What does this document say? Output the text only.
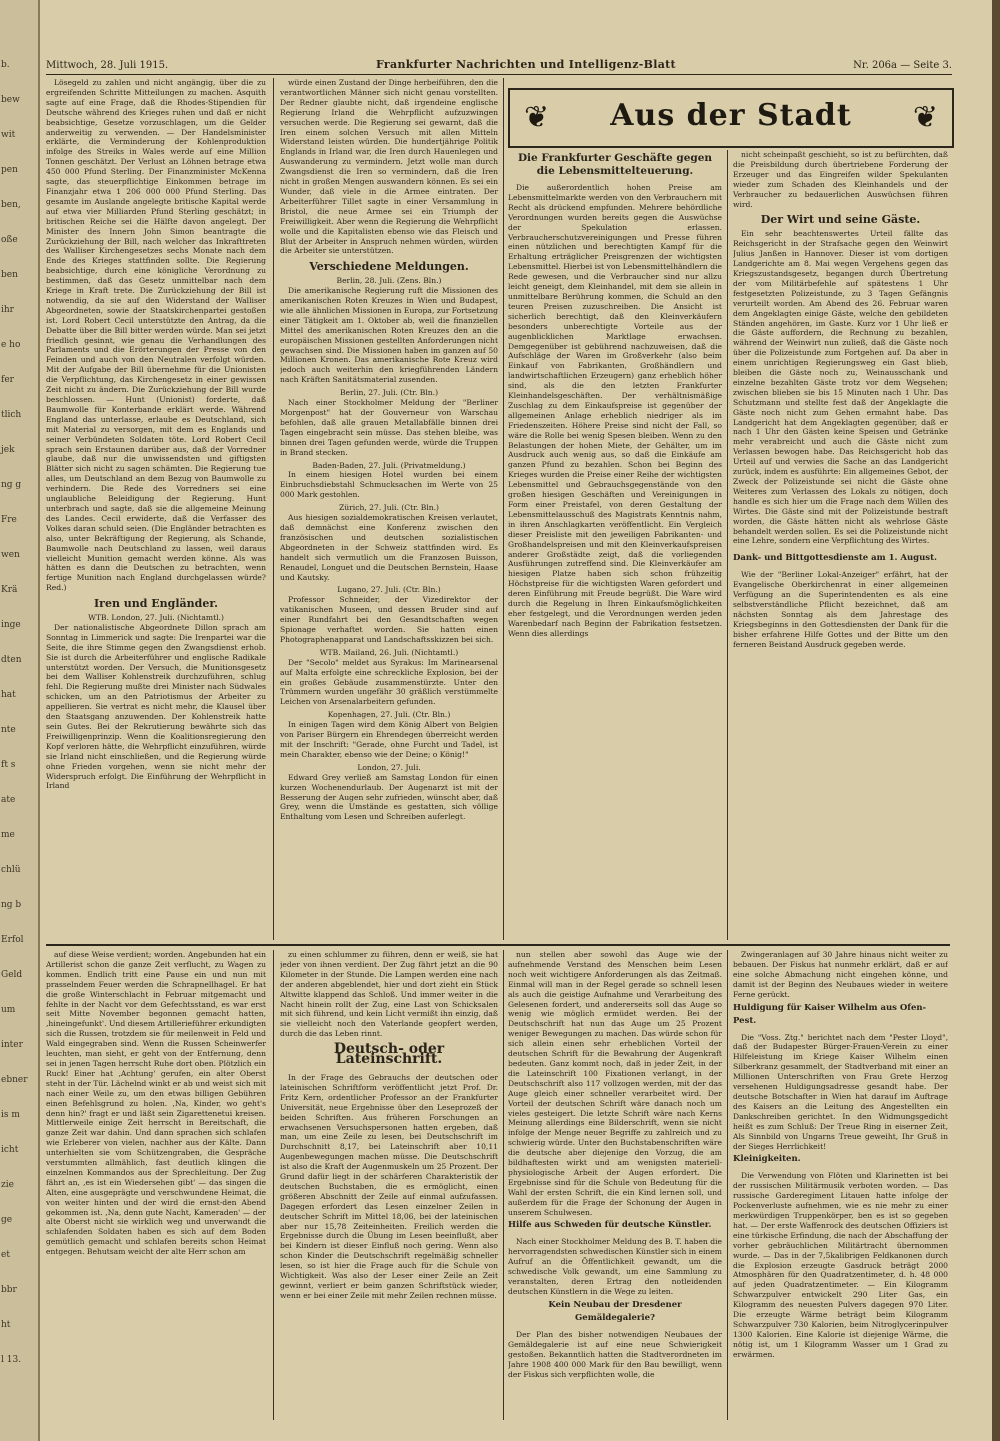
b.
bew
wit
pen
ben,
oße
ben
ihr
e ho
fer
tlich
jek
ng g
Fre
wen
Krä
inge
dten
hat
nte
ft s
ate
me
chlü
ng b
Erfol
Geld
um
inter
ebner
is m
icht
zie
ge
et
bbr
ht
l 13.
Mittwoch, 28. Juli 1915.	Frankfurter Nachrichten und Intelligenz-Blatt	Nr. 206a — Seite 3.

Lösegeld zu zahlen und nicht angängig, über die zu ergreifenden Schritte Mitteilungen zu machen. Asquith sagte auf eine Frage, daß die Rhodes-Stipendien für Deutsche während des Krieges ruhen und daß er nicht beabsichtige, Gesetze vorzuschlagen, um die Gelder anderweitig zu verwenden. — Der Handelsminister erklärte, die Verminderung der Kohlenproduktion infolge des Streiks in Wales werde auf eine Million Tonnen geschätzt. Der Verlust an Löhnen betrage etwa 450 000 Pfund Sterling. Der Finanzminister McKenna sagte, das steuerpflichtige Einkommen betrage im Finanzjahr etwa 1 206 000 000 Pfund Sterling. Das gesamte im Auslande angelegte britische Kapital werde auf etwa vier Milliarden Pfund Sterling geschätzt; in britischen Reiche sei die Hälfte davon angelegt. Der Minister des Innern John Simon beantragte die Zurückziehung der Bill, nach welcher das Inkrafttreten des Walliser Kirchengesetzes sechs Monate nach dem Ende des Krieges stattfinden sollte. Die Regierung beabsichtige, durch eine königliche Verordnung zu bestimmen, daß das Gesetz unmittelbar nach dem Kriege in Kraft trete. Die Zurückziehung der Bill ist notwendig, da sie auf den Widerstand der Walliser Abgeordneten, sowie der Staatskirchenpartei gestoßen ist. Lord Robert Cecil unterstützte den Antrag, da die Debatte über die Bill bitter werden würde. Man sei jetzt friedlich gesinnt, wie genau die Verhandlungen des Parlaments und die Erörterungen der Presse von den Feinden und auch von den Neutralen verfolgt würden. Mit der Aufgabe der Bill übernehme für die Unionisten die Verpflichtung, das Kirchengesetz in einer gewissen Zeit nicht zu ändern. Die Zurückziehung der Bill wurde beschlossen. — Hunt (Unionist) forderte, daß Baumwolle für Konterbande erklärt werde. Während England das unterlasse, erlaube es Deutschland, sich mit Material zu versorgen, mit dem es Englands und seiner Verbündeten Soldaten töte. Lord Robert Cecil sprach sein Erstaunen darüber aus, daß der Vorredner glaube, daß nur die unwissendsten und giftigsten Blätter sich nicht zu sagen schämten. Die Regierung tue alles, um Deutschland an dem Bezug von Baumwolle zu verhindern. Die Rede des Vorredners sei eine unglaubliche Beleidigung der Regierung. Hunt unterbrach und sagte, daß sie die allgemeine Meinung des Landes. Cecil erwiderte, daß die Verfasser des Volkes daran schuld seien. (Die Engländer betrachten es also, unter Bekräftigung der Regierung, als Schande, Baumwolle nach Deutschland zu lassen, weil daraus vielleicht Munition gemacht werden könne. Als was hätten es dann die Deutschen zu betrachten, wenn fertige Munition nach England durchgelassen würde? Red.)

Iren und Engländer.
WTB. London, 27. Juli. (Nichtamtl.)

Der nationalistische Abgeordnete Dillon sprach am Sonntag in Limmerick und sagte: Die Irenpartei war die Seite, die ihre Stimme gegen den Zwangsdienst erhob. Sie ist durch die Arbeiterführer und englische Radikale unterstützt worden. Der Versuch, die Munitionsgesetz bei dem Walliser Kohlenstreik durchzuführen, schlug fehl. Die Regierung mußte drei Minister nach Südwales schicken, um an den Patriotismus der Arbeiter zu appellieren. Sie vertrat es nicht mehr, die Klausel über den Staatsgang anzuwenden. Der Kohlenstreik hatte sein Gutes. Bei der Rekrutierung bewährte sich das Freiwilligenprinzip. Wenn die Koalitionsregierung den Kopf verloren hätte, die Wehrpflicht einzuführen, würde sie Irland nicht einschließen, und die Regierung würde ohne Frieden vorgehen, wenn sie nicht mehr der Widerspruch erfolgt. Die Einführung der Wehrpflicht in Irland

würde einen Zustand der Dinge herbeiführen, den die verantwortlichen Männer sich nicht genau vorstellten. Der Redner glaubte nicht, daß irgendeine englische Regierung Irland die Wehrpflicht aufzuzwingen versuchen werde. Die Regierung sei gewarnt, daß die Iren einem solchen Versuch mit allen Mitteln Widerstand leisten würden. Die hundertjährige Politik Englands in Irland war, die Iren durch Hauenlegen und Auswanderung zu vermindern. Jetzt wolle man durch Zwangsdienst die Iren so vermindern, daß die Iren nicht in großen Mengen auswandern können. Es sei ein Wunder, daß viele in die Armee eintraten. Der Arbeiterführer Tillet sagte in einer Versammlung in Bristol, die neue Armee sei ein Triumph der Freiwilligkeit. Aber wenn die Regierung die Wehrpflicht wolle und die Kapitalisten ebenso wie das Fleisch und Blut der Arbeiter in Anspruch nehmen würden, würden die Arbeiter sie unterstützen.

Verschiedene Meldungen.
Berlin, 28. Juli. (Zens. Bln.)

Die amerikanische Regierung ruft die Missionen des amerikanischen Roten Kreuzes in Wien und Budapest, wie alle ähnlichen Missionen in Europa, zur Fortsetzung einer Tätigkeit am 1. Oktober ab, weil die finanziellen Mittel des amerikanischen Roten Kreuzes den an die europäischen Missionen gestellten Anforderungen nicht gewachsen sind. Die Missionen haben im ganzen auf 50 Millionen Kronen. Das amerikanische Rote Kreuz wird jedoch auch weiterhin den kriegführenden Ländern nach Kräften Sanitätsmaterial zusenden.

Berlin, 27. Juli. (Ctr. Bln.)

Nach einer Stockholmer Meldung der "Berliner Morgenpost" hat der Gouverneur von Warschau befohlen, daß alle grauen Metallabfälle binnen drei Tagen eingebracht sein müsse. Das stehen bleibe, was binnen drei Tagen gefunden werde, würde die Truppen in Brand stecken.

Baden-Baden, 27. Juli. (Privatmeldung.)

In einem hiesigen Hotel wurden bei einem Einbruchsdiebstahl Schmucksachen im Werte von 25 000 Mark gestohlen.

Zürich, 27. Juli. (Ctr. Bln.)

Aus hiesigen sozialdemokratischen Kreisen verlautet, daß demnächst eine Konferenz zwischen den französischen und deutschen sozialistischen Abgeordneten in der Schweiz stattfinden wird. Es handelt sich vermutlich um die Franzosen Buisson, Renaudel, Longuet und die Deutschen Bernstein, Haase und Kautsky.

Lugano, 27. Juli. (Ctr. Bln.)

Professor Schneider, der Vizedirektor der vatikanischen Museen, und dessen Bruder sind auf einer Rundfahrt bei den Gesandtschaften wegen Spionage verhaftet worden. Sie hatten einen Photographenapparat und Landschaftsskizzen bei sich.

WTB. Mailand, 26. Juli. (Nichtamtl.)

Der "Secolo" meldet aus Syrakus: Im Marinearsenal auf Malta erfolgte eine schreckliche Explosion, bei der ein großes Gebäude zusammenstürzte. Unter den Trümmern wurden ungefähr 30 gräßlich verstümmelte Leichen von Arsenalarbeitern gefunden.

Kopenhagen, 27. Juli. (Ctr. Bln.)

In einigen Tagen wird dem König Albert von Belgien von Pariser Bürgern ein Ehrendegen überreicht werden mit der Inschrift: "Gerade, ohne Furcht und Tadel, ist mein Charakter, ebenso wie der Deine; o König!"

London, 27. Juli.

Edward Grey verließ am Samstag London für einen kurzen Wochenendurlaub. Der Augenarzt ist mit der Besserung der Augen sehr zufrieden, wünscht aber, daß Grey, wenn die Umstände es gestatten, sich völlige Enthaltung vom Lesen und Schreiben auferlegt.

❦	Aus der Stadt	❦
Die Frankfurter Geschäfte gegen die Lebensmittelteuerung.

Die außerordentlich hohen Preise am Lebensmittelmarkte werden von den Verbrauchern mit Recht als drückend empfunden. Mehrere behördliche Verordnungen wurden bereits gegen die Auswüchse der Spekulation erlassen. Verbraucherschutzvereinigungen und Presse führen einen nützlichen und berechtigten Kampf für die Erhaltung erträglicher Preisgrenzen der wichtigsten Lebensmittel. Hierbei ist von Lebensmittelhändlern die Rede gewesen, und die Verbraucher sind nur allzu leicht geneigt, dem Kleinhandel, mit dem sie allein in unmittelbare Berührung kommen, die Schuld an den teuren Preisen zuzuschreiben. Die Ansicht ist sicherlich berechtigt, daß den Kleinverkäufern besonders unberechtigte Vorteile aus der augenblicklichen Marktlage erwachsen. Demgegenüber ist gebührend nachzuweisen, daß die Aufschläge der Waren im Großverkehr (also beim Einkauf von Fabrikanten, Großhändlern und landwirtschaftlichen Erzeugern) ganz erheblich höher sind, als die den letzten Frankfurter Kleinhandelsgeschäften. Der verhältnismäßige Zuschlag zu dem Einkaufspreise ist gegenüber der allgemeinen Anlage erheblich niedriger als im Friedenszeiten. Höhere Preise sind nicht der Fall, so wäre die Rolle bei wenig Spesen bleiben. Wenn zu den Belastungen der hohen Miete, der Gehälter, um im Ausdruck auch wenig aus, so daß die Einkäufe am ganzen Pfund zu bezahlen. Schon bei Beginn des Krieges wurden die Preise einer Reihe der wichtigsten Lebensmittel und Gebrauchsgegenstände von den großen hiesigen Geschäften und Vereinigungen in Form einer Preistafel, von deren Gestaltung der Lebensmittelausschuß des Magistrats Kenntnis nahm, in ihren Anschlagkarten veröffentlicht. Ein Vergleich dieser Preisliste mit den jeweiligen Fabrikanten- und Großhandelspreisen und mit den Kleinverkaufspreisen anderer Großstädte zeigt, daß die vorliegenden Ausführungen zutreffend sind. Die Kleinverkäufer am hiesigen Platze haben sich schon frühzeitig Höchstpreise für die wichtigsten Waren gefordert und deren Einführung mit Freude begrüßt. Die Ware wird durch die Regelung in Ihren Einkaufsmöglichkeiten eher festgelegt, und die Verordnungen werden jeden Warenbedarf nach Beginn der Fabrikation festsetzen. Wenn dies allerdings

nicht scheinpaßt geschieht, so ist zu befürchten, daß die Preisbildung durch übertriebene Forderung der Erzeuger und das Eingreifen wilder Spekulanten wieder zum Schaden des Kleinhandels und der Verbraucher zu bedauerlichen Auswüchsen führen wird.

Der Wirt und seine Gäste.

Ein sehr beachtenswertes Urteil fällte das Reichsgericht in der Strafsache gegen den Weinwirt Julius Janßen in Hannover. Dieser ist vom dortigen Landgerichte am 8. Mai wegen Vergehens gegen das Kriegszustandsgesetz, begangen durch Übertretung der vom Militärbefehle auf spätestens 1 Uhr festgesetzten Polizeistunde, zu 3 Tagen Gefängnis verurteilt worden. Am Abend des 26. Februar waren dem Angeklagten einige Gäste, welche den gebildeten Ständen angehören, im Gaste. Kurz vor 1 Uhr ließ er die Gäste auffordern, die Rechnung zu bezahlen, während der Weinwirt nun zuließ, daß die Gäste noch über die Polizeistunde zum Fortgehen auf. Da aber in einem unrichtigen Regierungsweg ein Gast blieb, bleiben die Gäste noch zu, Weinausschank und einzelne bezahlten Gäste trotz vor dem Wegsehen; zwischen blieben sie bis 15 Minuten nach 1 Uhr. Das Schutzmann und stellte fest daß der Angeklagte die Gäste noch nicht zum Gehen ermahnt habe. Das Landgericht hat dem Angeklagten gegenüber, daß er nach 1 Uhr den Gästen keine Speisen und Getränke mehr verabreicht und auch die Gäste nicht zum Verlassen bewogen habe. Das Reichsgericht hob das Urteil auf und verwies die Sache an das Landgericht zurück, indem es ausführte: Ein allgemeines Gebot, der Zweck der Polizeistunde sei nicht die Gäste ohne Weiteres zum Verlassen des Lokals zu nötigen, doch handle es sich hier um die Frage nach dem Willen des Wirtes. Die Gäste sind mit der Polizeistunde bestraft worden, die Gäste hätten nicht als wehrlose Gäste behandelt werden sollen. Es sei die Polizeistunde nicht eine Lehre, sondern eine Verpflichtung des Wirtes.

Dank- und Bittgottesdienste am 1. August.

Wie der "Berliner Lokal-Anzeiger" erfährt, hat der Evangelische Oberkirchenrat in einer allgemeinen Verfügung an die Superintendenten es als eine selbstverständliche Pflicht bezeichnet, daß am nächsten Sonntag als dem Jahrestage des Kriegsbeginns in den Gottesdiensten der Dank für die bisher erfahrene Hilfe Gottes und der Bitte um den ferneren Beistand Ausdruck gegeben werde.

auf diese Weise verdient; worden. Angebunden hat ein Artillerist schon die ganze Zeit verflucht, zu Wagen zu kommen. Endlich tritt eine Pause ein und nun mit prasselndem Feuer werden die Schrapnellhagel. Er hat die große Winterschlacht in Februar mitgemacht und fehlte in der Nacht vor dem Gefechtsstand, es war erst seit Mitte November begonnen gemacht hatten, ‚hineingefunkt'. Und diesem Artillerieführer erkundigten sich die Russen, trotzdem sie für meilenweit in Feld und Wald eingegraben sind. Wenn die Russen Scheinwerfer leuchten, man sieht, er geht von der Entfernung, denn sei in jenen Tagen herrscht Ruhe dort oben. Plötzlich ein Ruck! Einer hat ‚Achtung' gerufen, ein alter Oberst steht in der Tür. Lächelnd winkt er ab und weist sich mit nach einer Weile zu, um den etwas billigen Gebühren einen Befehlsgrund zu holen. ‚Na, Kinder, wo geht's denn hin?' fragt er und läßt sein Zigarettenetui kreisen. Mittlerweile einige Zeit herrscht in Bereitschaft, die ganze Zeit war dahin. Und dann sprachen sich schlafen wie Erleberer von vielen, nachher aus der Kälte. Dann unterhielten sie vom Schützengraben, die Gespräche verstummten allmählich, fast deutlich klingen die einzelnen Kommandos aus der Sprechleitung. Der Zug fährt an, ‚es ist ein Wiedersehen gibt' — das singen die Alten, eine ausgeprägte und verschwundene Heimat, die von weiter hinten und der wird die ernst-den Abend gekommen ist. ‚Na, denn gute Nacht, Kameraden' — der alte Oberst nicht sie wirklich weg und unverwandt die schlafenden Soldaten haben es sich auf dem Boden gemütlich gemacht und schlafen bereits schon Heimat entgegen. Behutsam weicht der alte Herr schon am

zu einen schlummer zu führen, denn er weiß, sie hat jeder von ihnen verdient. Der Zug fährt jetzt an die 90 Kilometer in der Stunde. Die Lampen werden eine nach der anderen abgeblendet, hier und dort zieht ein Stück Altwitte klappend das Schloß. Und immer weiter in die Nacht hinein rollt der Zug, eine Last von Schicksalen mit sich führend, und kein Licht vermißt ihn einzig, daß sie vielleicht noch den Vaterlande geopfert werden, durch die das Leben rinnt.

Deutsch- oder Lateinschrift.

In der Frage des Gebrauchs der deutschen oder lateinischen Schriftform veröffentlicht jetzt Prof. Dr. Fritz Kern, ordentlicher Professor an der Frankfurter Universität, neue Ergebnisse über den Leseprozeß der beiden Schriften. Aus früheren Forschungen an erwachsenen Versuchspersonen hatten ergeben, daß man, um eine Zeile zu lesen, bei Deutschschrift im Durchschnitt 8,17, bei Lateinschrift aber 10,11 Augenbewegungen machen müsse. Die Deutschschrift ist also die Kraft der Augenmuskeln um 25 Prozent. Der Grund dafür liegt in der schärferen Charakteristik der deutschen Buchstaben, die es ermöglicht, einen größeren Abschnitt der Zeile auf einmal aufzufassen. Dagegen erfordert das Lesen einzelner Zeilen in deutscher Schrift im Mittel 18,06, bei der lateinischen aber nur 15,78 Zeiteinheiten. Freilich werden die Ergebnisse durch die Übung im Lesen beeinflußt, aber bei Kindern ist dieser Einfluß noch gering. Wenn also schon Kinder die Deutschschrift regelmäßig schneller lesen, so ist hier die Frage auch für die Schule von Wichtigkeit. Was also der Leser einer Zeile an Zeit gewinnt, verliert er beim ganzen Schriftstück wieder, wenn er bei einer Zeile mit mehr Zeilen rechnen müsse.

nun stellen aber sowohl das Auge wie der aufnehmende Verstand des Menschen beim Lesen noch weit wichtigere Anforderungen als das Zeitmaß. Einmal will man in der Regel gerade so schnell lesen als auch die geistige Aufnahme und Verarbeitung des Gelesenen fordert, und andererseits soll das Auge so wenig wie möglich ermüdet werden. Bei der Deutschschrift hat nun das Auge um 25 Prozent weniger Bewegungen zu machen. Das würde schon für sich allein einen sehr erheblichen Vorteil der deutschen Schrift für die Bewahrung der Augenkraft bedeuten. Ganz kommt noch, daß in jeder Zeit, in der die Lateinschrift 100 Fixationen verlangt, in der Deutschschrift also 117 vollzogen werden, mit der das Auge gleich einer schneller verarbeitet wird. Der Vorteil der deutschen Schrift wäre danach noch um vieles gesteigert. Die letzte Schrift wäre nach Kerns Meinung allerdings eine Bilderschrift, wenn sie nicht infolge der Menge neuer Begriffe zu zahlreich und zu schwierig würde. Unter den Buchstabenschriften wäre die deutsche aber diejenige den Vorzug, die am bildhaftesten wirkt und am wenigsten materiell-physiologische Arbeit der Augen erfordert. Die Ergebnisse sind für die Schule von Bedeutung für die Wahl der ersten Schrift, die ein Kind lernen soll, und außerdem für die Frage der Schonung der Augen in unserem Schulwesen.

Hilfe aus Schweden für deutsche Künstler.

Nach einer Stockholmer Meldung des B. T. haben die hervorragendsten schwedischen Künstler sich in einem Aufruf an die Öffentlichkeit gewandt, um die schwedische Volk gewandt, um eine Sammlung zu veranstalten, deren Ertrag den notleidenden deutschen Künstlern in die Wege zu leiten.

Kein Neubau der Dresdener Gemäldegalerie?

Der Plan des bisher notwendigen Neubaues der Gemäldegalerie ist auf eine neue Schwierigkeit gestoßen. Bekanntlich hatten die Stadtverordneten im Jahre 1908 400 000 Mark für den Bau bewilligt, wenn der Fiskus sich verpflichten wolle, die

Zwingeranlagen auf 30 Jahre hinaus nicht weiter zu bebauen. Der Fiskus hat nunmehr erklärt, daß er auf eine solche Abmachung nicht eingehen könne, und damit ist der Beginn des Neubaues wieder in weitere Ferne gerückt.

Huldigung für Kaiser Wilhelm aus Ofen-Pest.

Die "Voss. Ztg." berichtet nach dem "Pester Lloyd", daß der Budapester Bürger-Frauen-Verein zu einer Hilfeleistung im Kriege Kaiser Wilhelm einen Silberkranz gesammelt, der Stadtverband mit einer an Millionen Unterschriften von Frau Grete Herzog versehenen Huldigungsadresse gesandt habe. Der deutsche Botschafter in Wien hat darauf im Auftrage des Kaisers an die Leitung des Angestellten ein Dankschreiben gerichtet. In den Widmungsgedicht heißt es zum Schluß: Der Treue Ring in eiserner Zeit, Als Sinnbild von Ungarns Treue geweiht, Ihr Gruß in der Sieges Herrlichkeit!

Kleinigkeiten.

Die Verwendung von Flöten und Klarinetten ist bei der russischen Militärmusik verboten worden. — Das russische Garderegiment Litauen hatte infolge der Pockenverluste aufnehmen, wie es nie mehr zu einer merkwürdigen Truppenkörper, ben es ist so gegeben hat. — Der erste Waffenrock des deutschen Offiziers ist eine türkische Erfindung, die nach der Abschaffung der vorher gebräuchlichen Militärtracht übernommen wurde. — Das in der 7,5kalibrigen Feldkanonen durch die Explosion erzeugte Gasdruck beträgt 2000 Atmosphären für den Quadratzentimeter, d. h. 48 000 auf jeden Quadratzentimeter. — Ein Kilogramm Schwarzpulver entwickelt 290 Liter Gas, ein Kilogramm des neuesten Pulvers dagegen 970 Liter. Die erzeugte Wärme beträgt beim Kilogramm Schwarzpulver 730 Kalorien, beim Nitroglycerinpulver 1300 Kalorien. Eine Kalorie ist diejenige Wärme, die nötig ist, um 1 Kilogramm Wasser um 1 Grad zu erwärmen.
